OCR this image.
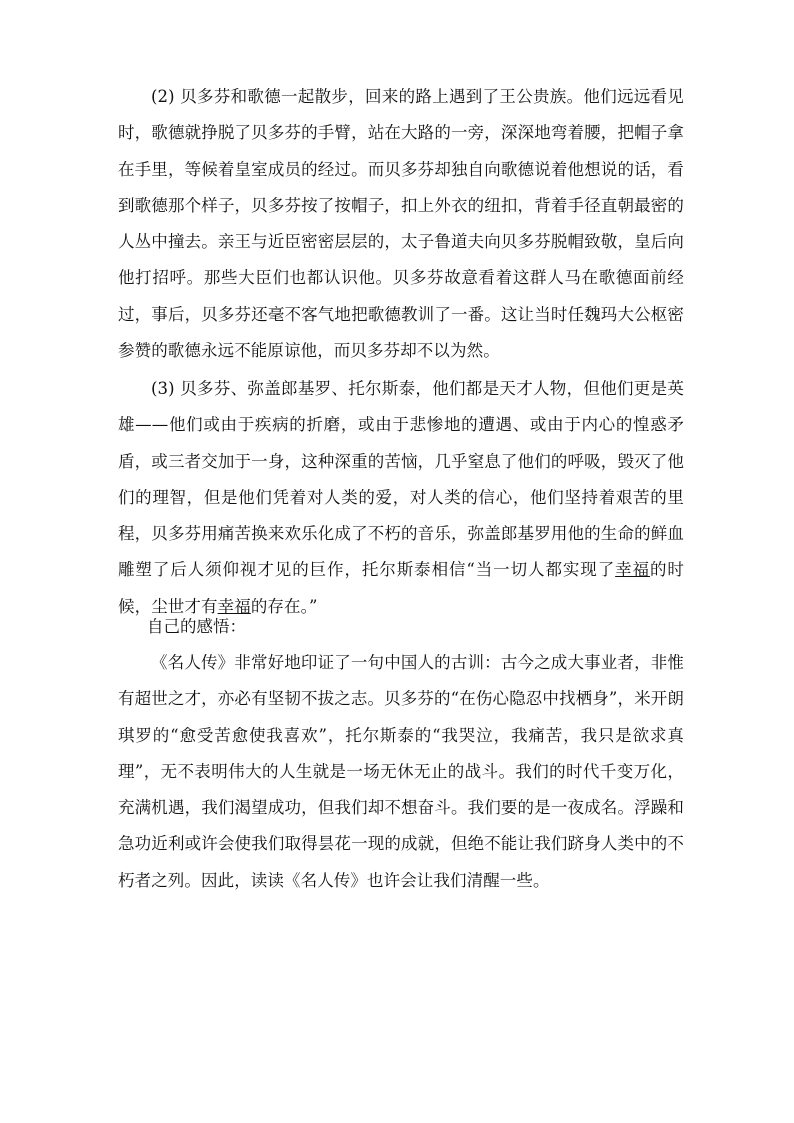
(2) 贝多芬和歌德一起散步，回来的路上遇到了王公贵族。他们远远看见时，歌德就挣脱了贝多芬的手臂，站在大路的一旁，深深地弯着腰，把帽子拿在手里，等候着皇室成员的经过。而贝多芬却独自向歌德说着他想说的话，看到歌德那个样子，贝多芬按了按帽子，扣上外衣的纽扣，背着手径直朝最密的人丛中撞去。亲王与近臣密密层层的，太子鲁道夫向贝多芬脱帽致敬，皇后向他打招呼。那些大臣们也都认识他。贝多芬故意看着这群人马在歌德面前经过，事后，贝多芬还毫不客气地把歌德教训了一番。这让当时任魏玛大公枢密参赞的歌德永远不能原谅他，而贝多芬却不以为然。

(3) 贝多芬、弥盖郎基罗、托尔斯泰，他们都是天才人物，但他们更是英雄——他们或由于疾病的折磨，或由于悲惨地的遭遇、或由于内心的惶惑矛盾，或三者交加于一身，这种深重的苦恼，几乎窒息了他们的呼吸，毁灭了他们的理智，但是他们凭着对人类的爱，对人类的信心，他们坚持着艰苦的里程，贝多芬用痛苦换来欢乐化成了不朽的音乐，弥盖郎基罗用他的生命的鲜血雕塑了后人须仰视才见的巨作，托尔斯泰相信“当一切人都实现了幸福的时候，尘世才有幸福的存在。”

自己的感悟：

《名人传》非常好地印证了一句中国人的古训：古今之成大事业者，非惟有超世之才，亦必有坚韧不拔之志。贝多芬的“在伤心隐忍中找栖身”，米开朗琪罗的“愈受苦愈使我喜欢”，托尔斯泰的“我哭泣，我痛苦，我只是欲求真理”，无不表明伟大的人生就是一场无休无止的战斗。我们的时代千变万化，充满机遇，我们渴望成功，但我们却不想奋斗。我们要的是一夜成名。浮躁和急功近利或许会使我们取得昙花一现的成就，但绝不能让我们跻身人类中的不朽者之列。因此，读读《名人传》也许会让我们清醒一些。
